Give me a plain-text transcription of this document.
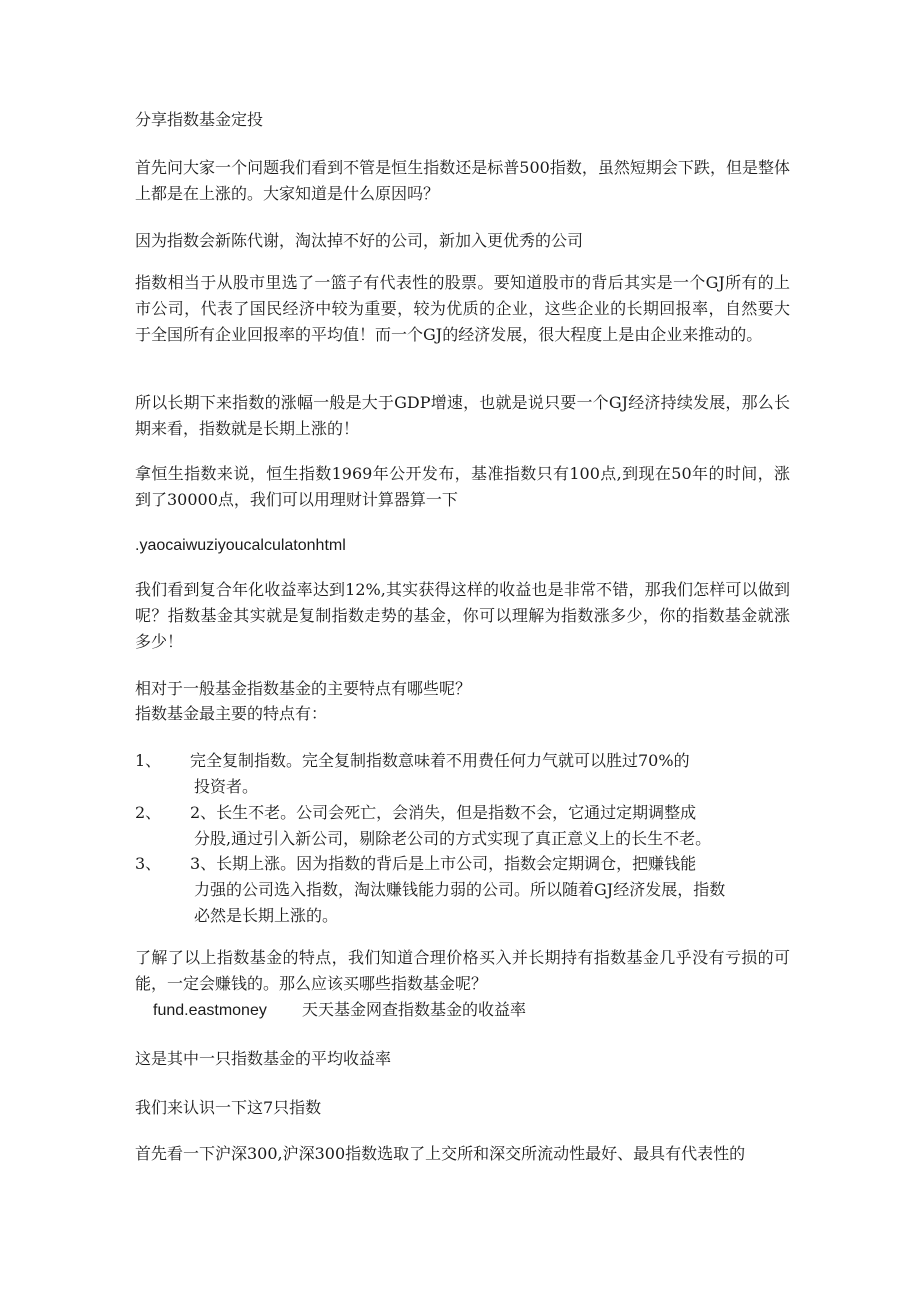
分享指数基金定投

首先问大家一个问题我们看到不管是恒生指数还是标普500指数，虽然短期会下跌，但是整体上都是在上涨的。大家知道是什么原因吗？

因为指数会新陈代谢，淘汰掉不好的公司，新加入更优秀的公司

指数相当于从股市里选了一篮子有代表性的股票。要知道股市的背后其实是一个GJ所有的上市公司，代表了国民经济中较为重要，较为优质的企业，这些企业的长期回报率，自然要大于全国所有企业回报率的平均值！而一个GJ的经济发展，很大程度上是由企业来推动的。

所以长期下来指数的涨幅一般是大于GDP增速，也就是说只要一个GJ经济持续发展，那么长期来看，指数就是长期上涨的！

拿恒生指数来说，恒生指数1969年公开发布，基准指数只有100点,到现在50年的时间，涨到了30000点，我们可以用理财计算器算一下

.yaocaiwuziyoucalculatonhtml

我们看到复合年化收益率达到12%,其实获得这样的收益也是非常不错，那我们怎样可以做到呢？指数基金其实就是复制指数走势的基金，你可以理解为指数涨多少，你的指数基金就涨多少！

相对于一般基金指数基金的主要特点有哪些呢？

指数基金最主要的特点有：

1、	完全复制指数。完全复制指数意味着不用费任何力气就可以胜过70%的
投资者。
2、	2、长生不老。公司会死亡，会消失，但是指数不会，它通过定期调整成
分股,通过引入新公司，剔除老公司的方式实现了真正意义上的长生不老。
3、	3、长期上涨。因为指数的背后是上市公司，指数会定期调仓，把赚钱能
力强的公司选入指数，淘汰赚钱能力弱的公司。所以随着GJ经济发展，指数必然是长期上涨的。

了解了以上指数基金的特点，我们知道合理价格买入并长期持有指数基金几乎没有亏损的可能，一定会赚钱的。那么应该买哪些指数基金呢？

fund.eastmoney 天天基金网查指数基金的收益率

这是其中一只指数基金的平均收益率

我们来认识一下这7只指数

首先看一下沪深300,沪深300指数选取了上交所和深交所流动性最好、最具有代表性的
